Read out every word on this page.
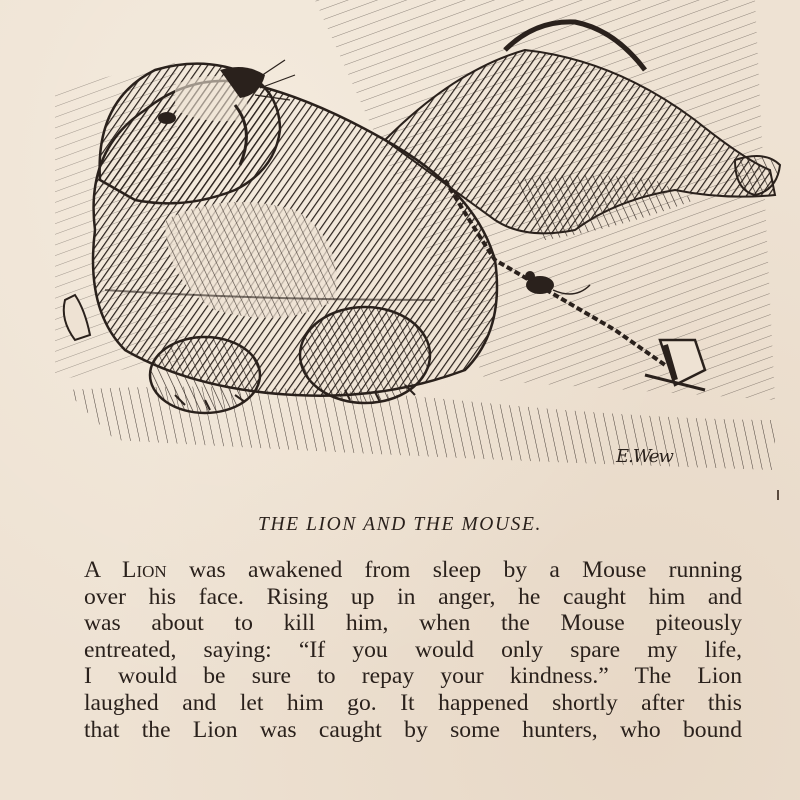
E.Wew
THE LION AND THE MOUSE.
A Lion was awakened from sleep by a Mouse running
over his face. Rising up in anger, he caught him and
was about to kill him, when the Mouse piteously
entreated, saying: “If you would only spare my life,
I would be sure to repay your kindness.” The Lion
laughed and let him go. It happened shortly after this
that the Lion was caught by some hunters, who bound
